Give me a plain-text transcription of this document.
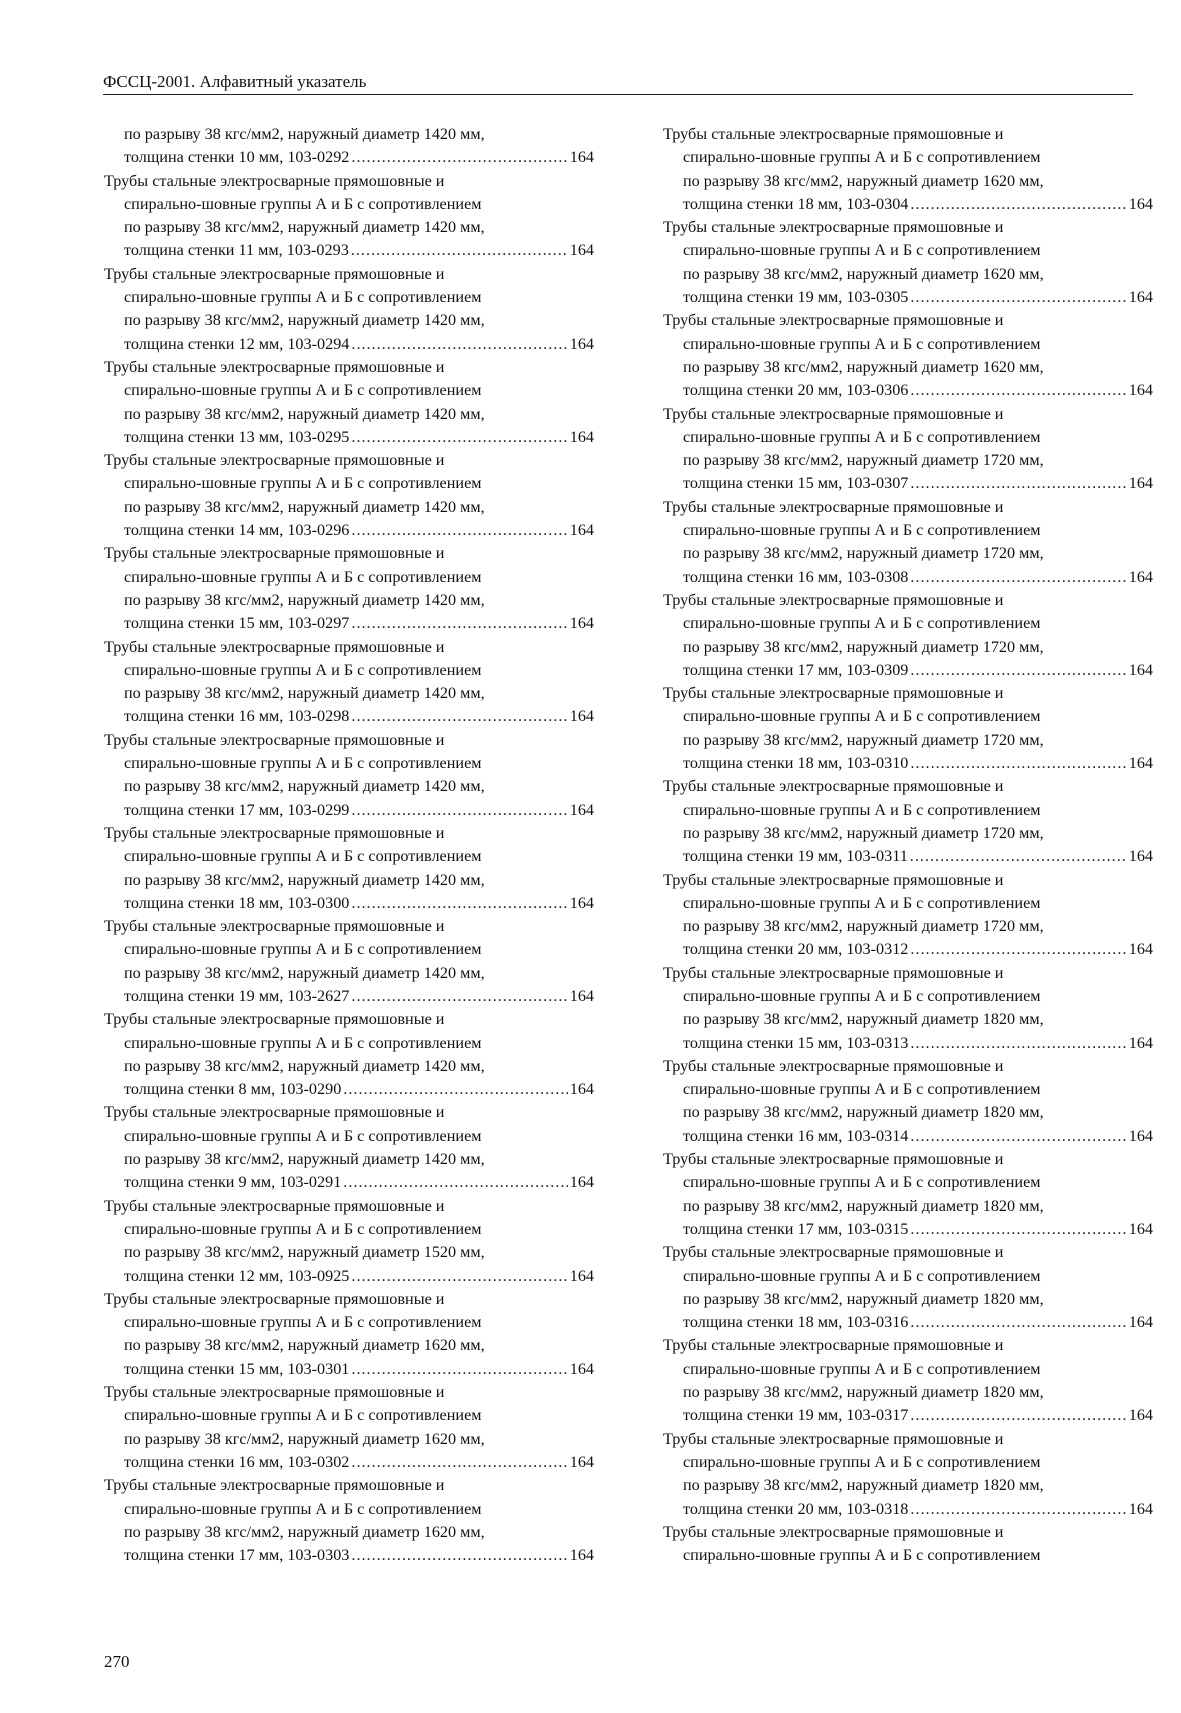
ФССЦ-2001. Алфавитный указатель
по разрыву 38 кгс/мм2, наружный диаметр 1420 мм,
толщина стенки 10 мм, 103-0292 .....	164
Трубы стальные электросварные прямошовные и
спирально-шовные группы А и Б с сопротивлением
по разрыву 38 кгс/мм2, наружный диаметр 1420 мм,
толщина стенки 11 мм, 103-0293 .....	164
Трубы стальные электросварные прямошовные и
спирально-шовные группы А и Б с сопротивлением
по разрыву 38 кгс/мм2, наружный диаметр 1420 мм,
толщина стенки 12 мм, 103-0294 .....	164
Трубы стальные электросварные прямошовные и
спирально-шовные группы А и Б с сопротивлением
по разрыву 38 кгс/мм2, наружный диаметр 1420 мм,
толщина стенки 13 мм, 103-0295 .....	164
Трубы стальные электросварные прямошовные и
спирально-шовные группы А и Б с сопротивлением
по разрыву 38 кгс/мм2, наружный диаметр 1420 мм,
толщина стенки 14 мм, 103-0296 .....	164
Трубы стальные электросварные прямошовные и
спирально-шовные группы А и Б с сопротивлением
по разрыву 38 кгс/мм2, наружный диаметр 1420 мм,
толщина стенки 15 мм, 103-0297 .....	164
Трубы стальные электросварные прямошовные и
спирально-шовные группы А и Б с сопротивлением
по разрыву 38 кгс/мм2, наружный диаметр 1420 мм,
толщина стенки 16 мм, 103-0298 .....	164
Трубы стальные электросварные прямошовные и
спирально-шовные группы А и Б с сопротивлением
по разрыву 38 кгс/мм2, наружный диаметр 1420 мм,
толщина стенки 17 мм, 103-0299 .....	164
Трубы стальные электросварные прямошовные и
спирально-шовные группы А и Б с сопротивлением
по разрыву 38 кгс/мм2, наружный диаметр 1420 мм,
толщина стенки 18 мм, 103-0300 .....	164
Трубы стальные электросварные прямошовные и
спирально-шовные группы А и Б с сопротивлением
по разрыву 38 кгс/мм2, наружный диаметр 1420 мм,
толщина стенки 19 мм, 103-2627 .....	164
Трубы стальные электросварные прямошовные и
спирально-шовные группы А и Б с сопротивлением
по разрыву 38 кгс/мм2, наружный диаметр 1420 мм,
толщина стенки 8 мм, 103-0290 .....	164
Трубы стальные электросварные прямошовные и
спирально-шовные группы А и Б с сопротивлением
по разрыву 38 кгс/мм2, наружный диаметр 1420 мм,
толщина стенки 9 мм, 103-0291 .....	164
Трубы стальные электросварные прямошовные и
спирально-шовные группы А и Б с сопротивлением
по разрыву 38 кгс/мм2, наружный диаметр 1520 мм,
толщина стенки 12 мм, 103-0925 .....	164
Трубы стальные электросварные прямошовные и
спирально-шовные группы А и Б с сопротивлением
по разрыву 38 кгс/мм2, наружный диаметр 1620 мм,
толщина стенки 15 мм, 103-0301 .....	164
Трубы стальные электросварные прямошовные и
спирально-шовные группы А и Б с сопротивлением
по разрыву 38 кгс/мм2, наружный диаметр 1620 мм,
толщина стенки 16 мм, 103-0302 .....	164
Трубы стальные электросварные прямошовные и
спирально-шовные группы А и Б с сопротивлением
по разрыву 38 кгс/мм2, наружный диаметр 1620 мм,
толщина стенки 17 мм, 103-0303 .....	164
Трубы стальные электросварные прямошовные и
спирально-шовные группы А и Б с сопротивлением
по разрыву 38 кгс/мм2, наружный диаметр 1620 мм,
толщина стенки 18 мм, 103-0304 .....	164
Трубы стальные электросварные прямошовные и
спирально-шовные группы А и Б с сопротивлением
по разрыву 38 кгс/мм2, наружный диаметр 1620 мм,
толщина стенки 19 мм, 103-0305 .....	164
Трубы стальные электросварные прямошовные и
спирально-шовные группы А и Б с сопротивлением
по разрыву 38 кгс/мм2, наружный диаметр 1620 мм,
толщина стенки 20 мм, 103-0306 .....	164
Трубы стальные электросварные прямошовные и
спирально-шовные группы А и Б с сопротивлением
по разрыву 38 кгс/мм2, наружный диаметр 1720 мм,
толщина стенки 15 мм, 103-0307 .....	164
Трубы стальные электросварные прямошовные и
спирально-шовные группы А и Б с сопротивлением
по разрыву 38 кгс/мм2, наружный диаметр 1720 мм,
толщина стенки 16 мм, 103-0308 .....	164
Трубы стальные электросварные прямошовные и
спирально-шовные группы А и Б с сопротивлением
по разрыву 38 кгс/мм2, наружный диаметр 1720 мм,
толщина стенки 17 мм, 103-0309 .....	164
Трубы стальные электросварные прямошовные и
спирально-шовные группы А и Б с сопротивлением
по разрыву 38 кгс/мм2, наружный диаметр 1720 мм,
толщина стенки 18 мм, 103-0310 .....	164
Трубы стальные электросварные прямошовные и
спирально-шовные группы А и Б с сопротивлением
по разрыву 38 кгс/мм2, наружный диаметр 1720 мм,
толщина стенки 19 мм, 103-0311 .....	164
Трубы стальные электросварные прямошовные и
спирально-шовные группы А и Б с сопротивлением
по разрыву 38 кгс/мм2, наружный диаметр 1720 мм,
толщина стенки 20 мм, 103-0312 .....	164
Трубы стальные электросварные прямошовные и
спирально-шовные группы А и Б с сопротивлением
по разрыву 38 кгс/мм2, наружный диаметр 1820 мм,
толщина стенки 15 мм, 103-0313 .....	164
Трубы стальные электросварные прямошовные и
спирально-шовные группы А и Б с сопротивлением
по разрыву 38 кгс/мм2, наружный диаметр 1820 мм,
толщина стенки 16 мм, 103-0314 .....	164
Трубы стальные электросварные прямошовные и
спирально-шовные группы А и Б с сопротивлением
по разрыву 38 кгс/мм2, наружный диаметр 1820 мм,
толщина стенки 17 мм, 103-0315 .....	164
Трубы стальные электросварные прямошовные и
спирально-шовные группы А и Б с сопротивлением
по разрыву 38 кгс/мм2, наружный диаметр 1820 мм,
толщина стенки 18 мм, 103-0316 .....	164
Трубы стальные электросварные прямошовные и
спирально-шовные группы А и Б с сопротивлением
по разрыву 38 кгс/мм2, наружный диаметр 1820 мм,
толщина стенки 19 мм, 103-0317 .....	164
Трубы стальные электросварные прямошовные и
спирально-шовные группы А и Б с сопротивлением
по разрыву 38 кгс/мм2, наружный диаметр 1820 мм,
толщина стенки 20 мм, 103-0318 .....	164
Трубы стальные электросварные прямошовные и
спирально-шовные группы А и Б с сопротивлением
270
